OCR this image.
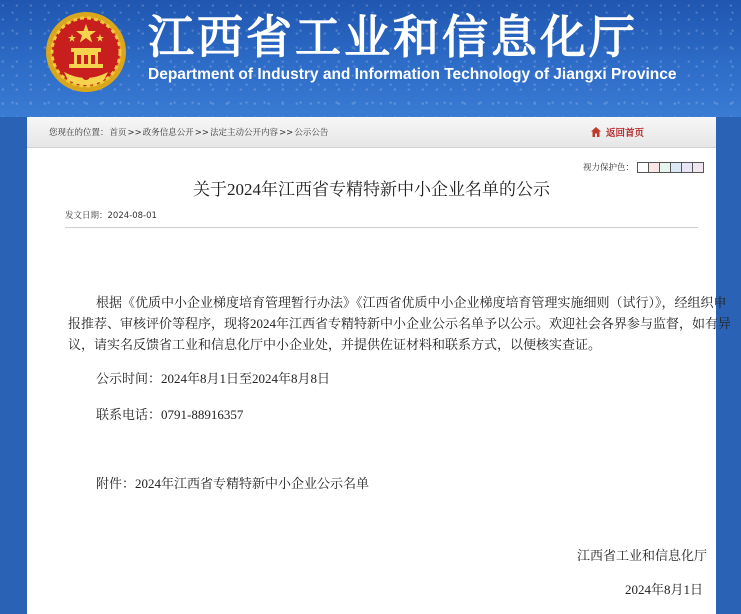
江西省工业和信息化厅
Department of Industry and Information Technology of Jiangxi Province
您现在的位置：首页>>政务信息公开>>法定主动公开内容>>公示公告	返回首页
视力保护色：
关于2024年江西省专精特新中小企业名单的公示
发文日期：2024-08-01
根据《优质中小企业梯度培育管理暂行办法》《江西省优质中小企业梯度培育管理实施细则（试行）》，经组织申
报推荐、审核评价等程序，现将2024年江西省专精特新中小企业公示名单予以公示。欢迎社会各界参与监督，如有异
议，请实名反馈省工业和信息化厅中小企业处，并提供佐证材料和联系方式，以便核实查证。
公示时间：2024年8月1日至2024年8月8日
联系电话：0791-88916357
附件：2024年江西省专精特新中小企业公示名单
江西省工业和信息化厅
2024年8月1日
